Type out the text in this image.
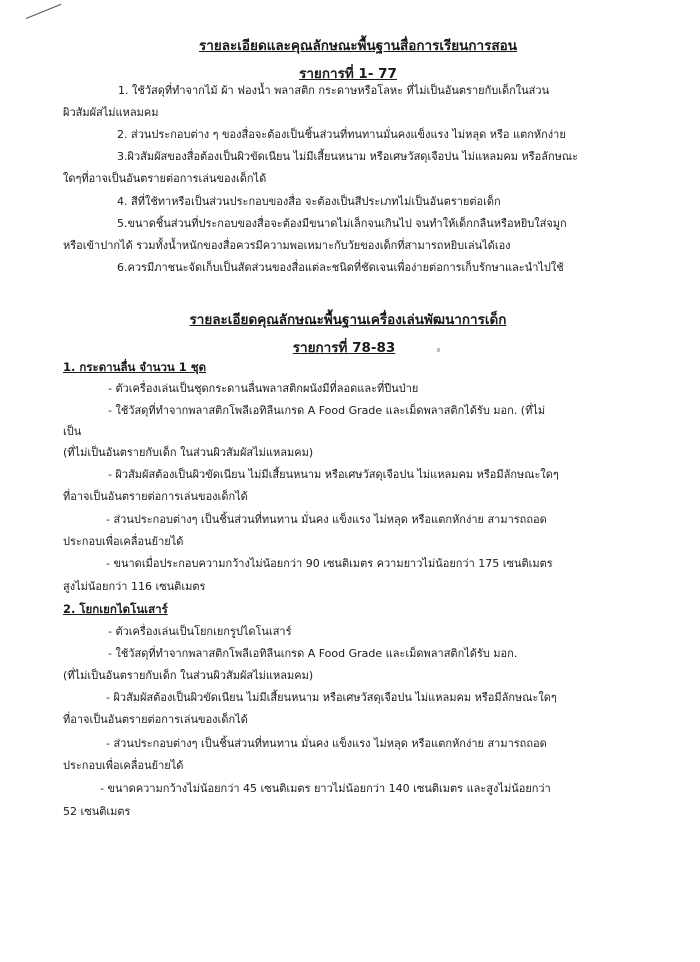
รายละเอียดและคุณลักษณะพื้นฐานสื่อการเรียนการสอน
รายการที่ 1- 77
1. ใช้วัสดุที่ทำจากไม้ ผ้า ฟองน้ำ พลาสติก กระดาษหรือโลหะ ที่ไม่เป็นอันตรายกับเด็กในส่วน
ผิวสัมผัสไม่แหลมคม
2. ส่วนประกอบต่าง ๆ ของสื่อจะต้องเป็นชิ้นส่วนที่ทนทานมั่นคงแข็งแรง ไม่หลุด หรือ แตกหักง่าย
3.ผิวสัมผัสของสื่อต้องเป็นผิวขัดเนียน ไม่มีเสี้ยนหนาม หรือเศษวัสดุเจือปน ไม่แหลมคม หรือลักษณะ
ใดๆที่อาจเป็นอันตรายต่อการเล่นของเด็กได้
4. สีที่ใช้ทาหรือเป็นส่วนประกอบของสื่อ จะต้องเป็นสีประเภทไม่เป็นอันตรายต่อเด็ก
5.ขนาดชิ้นส่วนที่ประกอบของสื่อจะต้องมีขนาดไม่เล็กจนเกินไป จนทำให้เด็กกลืนหรือหยิบใส่จมูก
หรือเข้าปากได้ รวมทั้งน้ำหนักของสื่อควรมีความพอเหมาะกับวัยของเด็กที่สามารถหยิบเล่นได้เอง
6.ควรมีภาชนะจัดเก็บเป็นสัดส่วนของสื่อแต่ละชนิดที่ชัดเจนเพื่อง่ายต่อการเก็บรักษาและนำไปใช้
รายละเอียดคุณลักษณะพื้นฐานเครื่องเล่นพัฒนาการเด็ก
รายการที่ 78-83
1. กระดานลื่น จำนวน 1 ชุด
- ตัวเครื่องเล่นเป็นชุดกระดานลื่นพลาสติกผนังมีที่ลอดและที่ปีนป่าย
- ใช้วัสดุที่ทำจากพลาสติกโพลีเอทิลีนเกรด A Food Grade และเม็ดพลาสติกได้รับ มอก. (ที่ไม่
เป็น
(ที่ไม่เป็นอันตรายกับเด็ก ในส่วนผิวสัมผัสไม่แหลมคม)
- ผิวสัมผัสต้องเป็นผิวขัดเนียน ไม่มีเสี้ยนหนาม หรือเศษวัสดุเจือปน ไม่แหลมคม หรือมีลักษณะใดๆ
ที่อาจเป็นอันตรายต่อการเล่นของเด็กได้
- ส่วนประกอบต่างๆ เป็นชิ้นส่วนที่ทนทาน มั่นคง แข็งแรง ไม่หลุด หรือแตกหักง่าย สามารถถอด
ประกอบเพื่อเคลื่อนย้ายได้
- ขนาดเมื่อประกอบความกว้างไม่น้อยกว่า 90 เซนติเมตร ความยาวไม่น้อยกว่า 175 เซนติเมตร
สูงไม่น้อยกว่า 116 เซนติเมตร
2. โยกเยกไดโนเสาร์
- ตัวเครื่องเล่นเป็นโยกเยกรูปไดโนเสาร์
- ใช้วัสดุที่ทำจากพลาสติกโพลีเอทิลีนเกรด A Food Grade และเม็ดพลาสติกได้รับ มอก.
(ที่ไม่เป็นอันตรายกับเด็ก ในส่วนผิวสัมผัสไม่แหลมคม)
- ผิวสัมผัสต้องเป็นผิวขัดเนียน ไม่มีเสี้ยนหนาม หรือเศษวัสดุเจือปน ไม่แหลมคม หรือมีลักษณะใดๆ
ที่อาจเป็นอันตรายต่อการเล่นของเด็กได้
- ส่วนประกอบต่างๆ เป็นชิ้นส่วนที่ทนทาน มั่นคง แข็งแรง ไม่หลุด หรือแตกหักง่าย สามารถถอด
ประกอบเพื่อเคลื่อนย้ายได้
- ขนาดความกว้างไม่น้อยกว่า 45 เซนติเมตร ยาวไม่น้อยกว่า 140 เซนติเมตร และสูงไม่น้อยกว่า
52 เซนติเมตร
